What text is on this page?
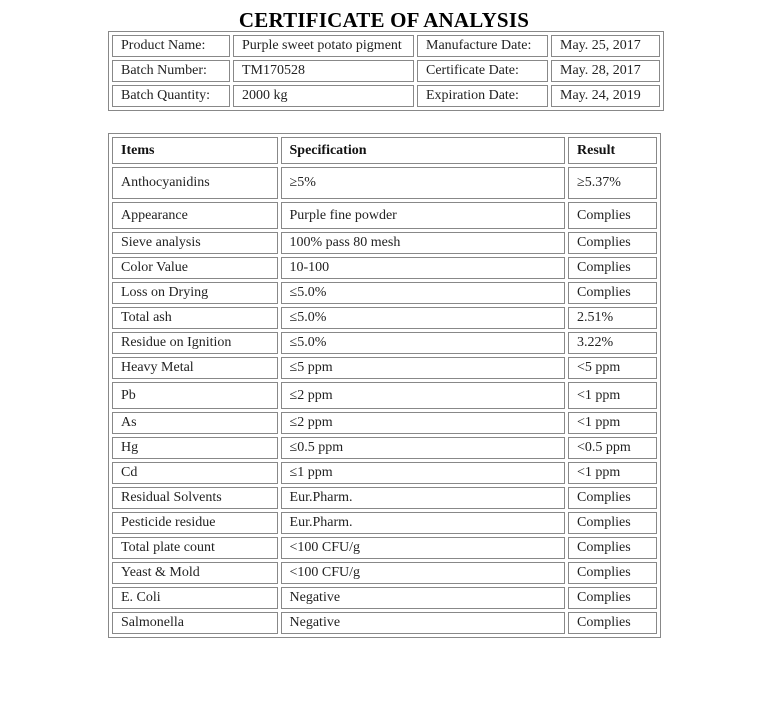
CERTIFICATE OF ANALYSIS
Product Name:	Purple sweet potato pigment	Manufacture Date:	May. 25, 2017
Batch Number:	TM170528	Certificate Date:	May. 28, 2017
Batch Quantity:	2000 kg	Expiration Date:	May. 24, 2019
Items	Specification	Result
Anthocyanidins	≥5%	≥5.37%
Appearance	Purple fine powder	Complies
Sieve analysis	100% pass 80 mesh	Complies
Color Value	10-100	Complies
Loss on Drying	≤5.0%	Complies
Total ash	≤5.0%	2.51%
Residue on Ignition	≤5.0%	3.22%
Heavy Metal	≤5 ppm	<5 ppm
Pb	≤2 ppm	<1 ppm
As	≤2 ppm	<1 ppm
Hg	≤0.5 ppm	<0.5 ppm
Cd	≤1 ppm	<1 ppm
Residual Solvents	Eur.Pharm.	Complies
Pesticide residue	Eur.Pharm.	Complies
Total plate count	<100 CFU/g	Complies
Yeast & Mold	<100 CFU/g	Complies
E. Coli	Negative	Complies
Salmonella	Negative	Complies
